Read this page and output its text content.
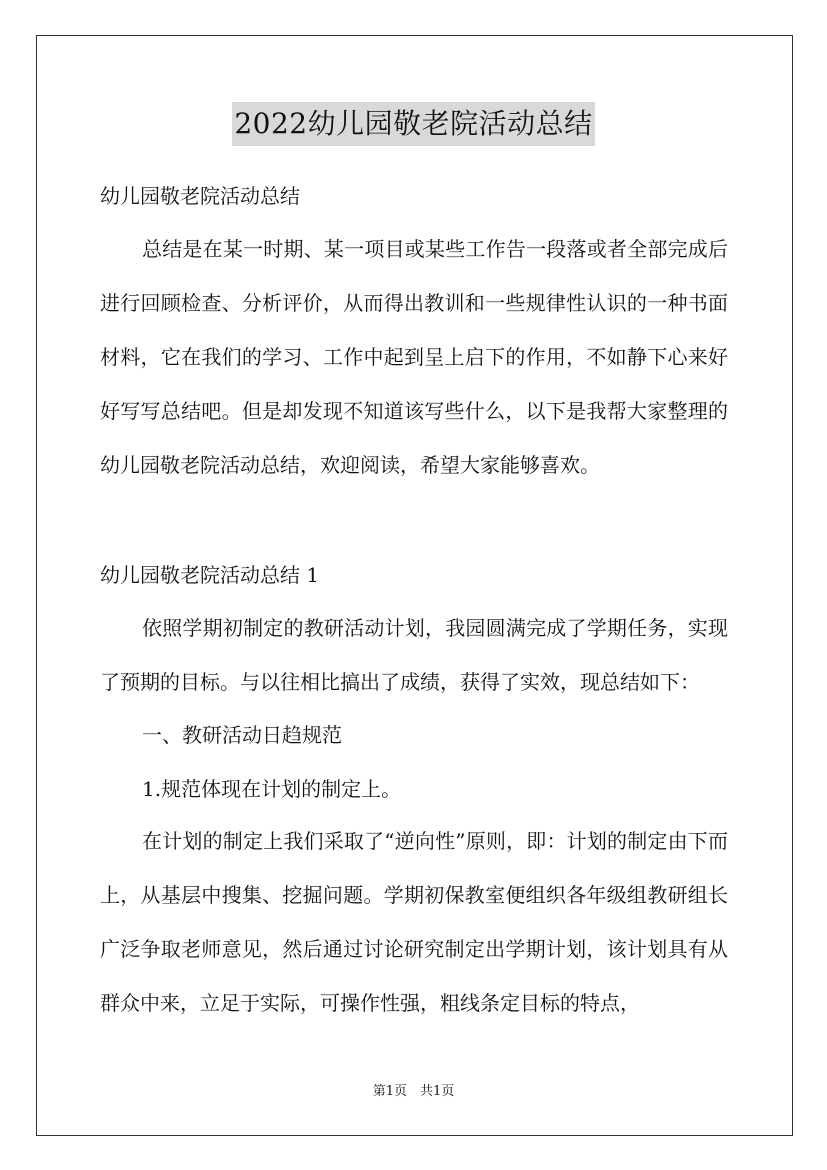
2022幼儿园敬老院活动总结

幼儿园敬老院活动总结

总结是在某一时期、某一项目或某些工作告一段落或者全部完成后进行回顾检查、分析评价，从而得出教训和一些规律性认识的一种书面材料，它在我们的学习、工作中起到呈上启下的作用，不如静下心来好好写写总结吧。但是却发现不知道该写些什么，以下是我帮大家整理的幼儿园敬老院活动总结，欢迎阅读，希望大家能够喜欢。

幼儿园敬老院活动总结 1

依照学期初制定的教研活动计划，我园圆满完成了学期任务，实现了预期的目标。与以往相比搞出了成绩，获得了实效，现总结如下：

一、教研活动日趋规范

1.规范体现在计划的制定上。

在计划的制定上我们采取了“逆向性”原则，即：计划的制定由下而上，从基层中搜集、挖掘问题。学期初保教室便组织各年级组教研组长广泛争取老师意见，然后通过讨论研究制定出学期计划，该计划具有从群众中来，立足于实际，可操作性强，粗线条定目标的特点，

第1页　共1页
